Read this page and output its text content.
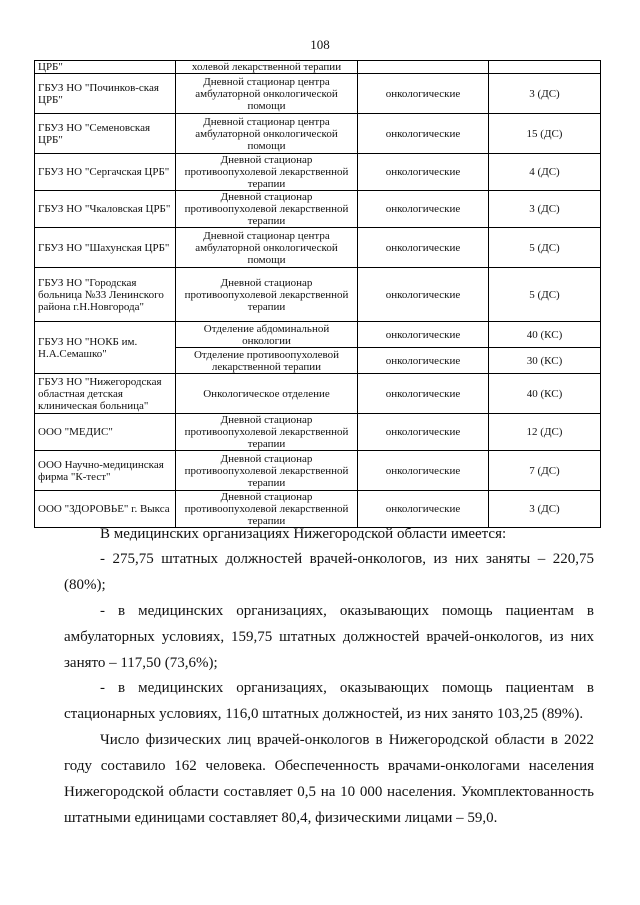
108
ЦРБ"	холевой лекарственной терапии		
ГБУЗ НО "Починков-ская ЦРБ"	Дневной стационар центра амбулаторной онкологической помощи	онкологические	3 (ДС)
ГБУЗ НО "Семеновская ЦРБ"	Дневной стационар центра амбулаторной онкологической помощи	онкологические	15 (ДС)
ГБУЗ НО "Сергачская ЦРБ"	Дневной стационар противоопухолевой лекарственной терапии	онкологические	4 (ДС)
ГБУЗ НО "Чкаловская ЦРБ"	Дневной стационар противоопухолевой лекарственной терапии	онкологические	3 (ДС)
ГБУЗ НО "Шахунская ЦРБ"	Дневной стационар центра амбулаторной онкологической помощи	онкологические	5 (ДС)
ГБУЗ НО "Городская больница №33 Ленинского района г.Н.Новгорода"	Дневной стационар противоопухолевой лекарственной терапии	онкологические	5 (ДС)
ГБУЗ НО "НОКБ им. Н.А.Семашко"	Отделение абдоминальной онкологии	онкологические	40 (КС)
	Отделение противоопухолевой лекарственной терапии	онкологические	30 (КС)
ГБУЗ НО "Нижегородская областная детская клиническая больница"	Онкологическое отделение	онкологические	40 (КС)
ООО "МЕДИС"	Дневной стационар противоопухолевой лекарственной терапии	онкологические	12 (ДС)
ООО Научно-медицинская фирма "К-тест"	Дневной стационар противоопухолевой лекарственной терапии	онкологические	7 (ДС)
ООО "ЗДОРОВЬЕ" г. Выкса	Дневной стационар противоопухолевой лекарственной терапии	онкологические	3 (ДС)
В медицинских организациях Нижегородской области имеется:
- 275,75 штатных должностей врачей-онкологов, из них заняты – 220,75 (80%);
- в медицинских организациях, оказывающих помощь пациентам в амбулаторных условиях, 159,75 штатных должностей врачей-онкологов, из них занято – 117,50 (73,6%);
- в медицинских организациях, оказывающих помощь пациентам в стационарных условиях, 116,0 штатных должностей, из них занято 103,25 (89%).
Число физических лиц врачей-онкологов в Нижегородской области в 2022 году составило 162 человека. Обеспеченность врачами-онкологами населения Нижегородской области составляет 0,5 на 10 000 населения. Укомплектованность штатными единицами составляет 80,4, физическими лицами – 59,0.
